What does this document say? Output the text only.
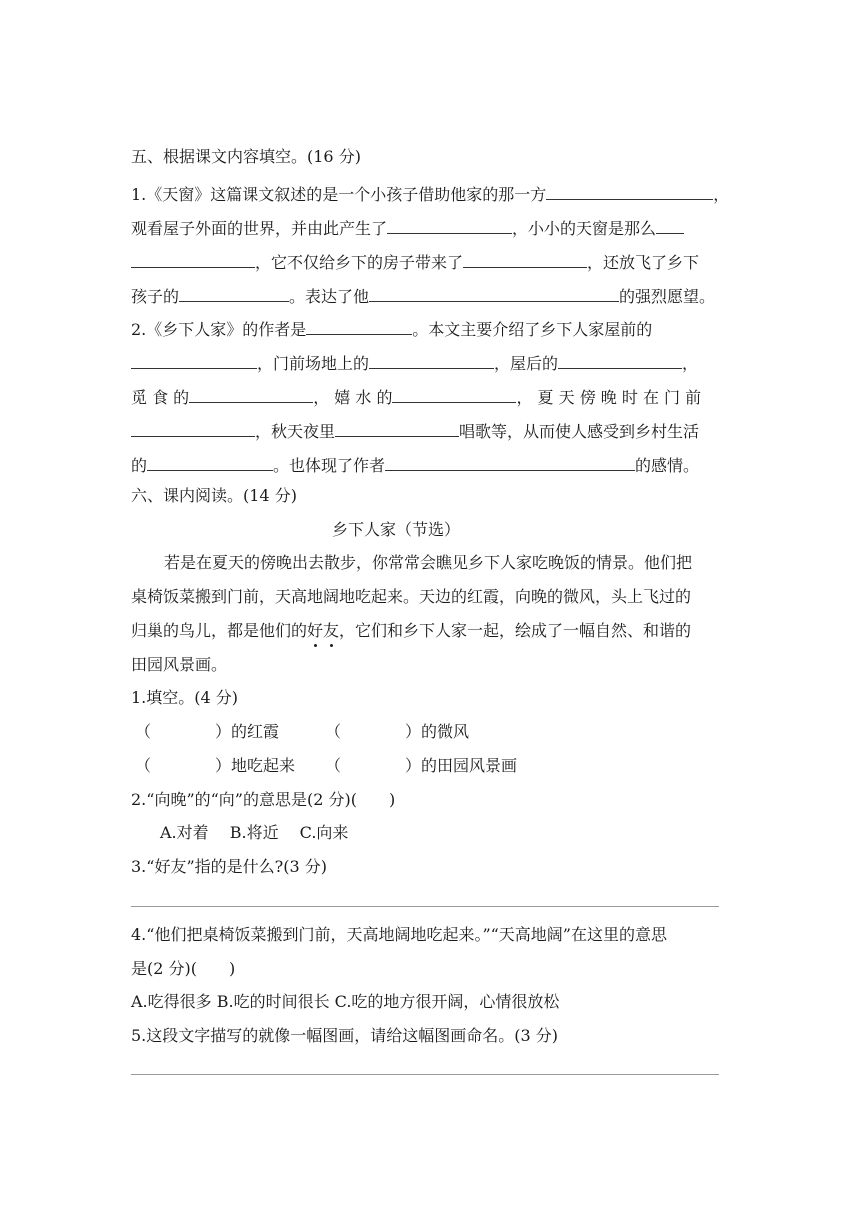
五、根据课文内容填空。(16 分)
1.《天窗》这篇课文叙述的是一个小孩子借助他家的那一方	，
观看屋子外面的世界，并由此产生了	，小小的天窗是那么
，它不仅给乡下的房子带来了	，还放飞了乡下
孩子的	。表达了他	的强烈愿望。
2.《乡下人家》的作者是	。本文主要介绍了乡下人家屋前的
，门前场地上的	，屋后的	，
觅 食 的	， 嬉 水 的	， 夏 天 傍 晚 时 在 门 前
，秋天夜里	唱歌等，从而使人感受到乡村生活
的	。也体现了作者	的感情。
六、课内阅读。(14 分)
乡下人家（节选）
若是在夏天的傍晚出去散步，你常常会瞧见乡下人家吃晚饭的情景。他们把
桌椅饭菜搬到门前，天高地阔地吃起来。天边的红霞，向晚的微风，头上飞过的
归巢的鸟儿，都是他们的好友，它们和乡下人家一起，绘成了一幅自然、和谐的
田园风景画。
1.填空。(4 分)
（　　　　）的红霞	（　　　　）的微风
（　　　　）地吃起来 （　　　　）的田园风景画
2.“向晚”的“向”的意思是(2 分)(　　)
A.对着　 B.将近　 C.向来
3.“好友”指的是什么?(3 分)
4.“他们把桌椅饭菜搬到门前，天高地阔地吃起来。”“天高地阔”在这里的意思
是(2 分)(　　)
A.吃得很多 B.吃的时间很长 C.吃的地方很开阔，心情很放松
5.这段文字描写的就像一幅图画，请给这幅图画命名。(3 分)
